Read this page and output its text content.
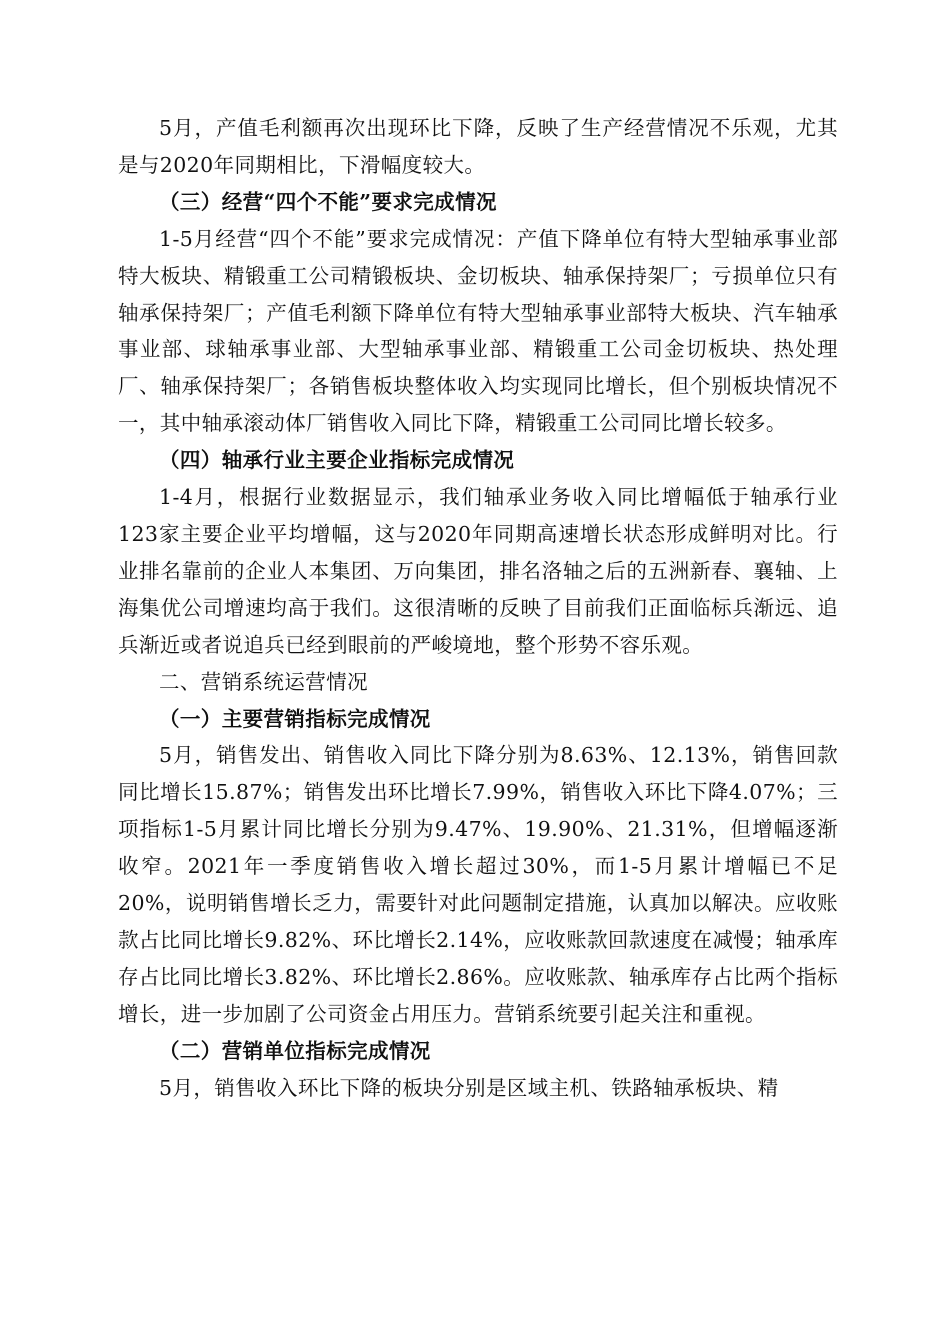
5月，产值毛利额再次出现环比下降，反映了生产经营情况不乐观，尤其是与2020年同期相比，下滑幅度较大。

（三）经营“四个不能”要求完成情况

1-5月经营“四个不能”要求完成情况：产值下降单位有特大型轴承事业部特大板块、精锻重工公司精锻板块、金切板块、轴承保持架厂；亏损单位只有轴承保持架厂；产值毛利额下降单位有特大型轴承事业部特大板块、汽车轴承事业部、球轴承事业部、大型轴承事业部、精锻重工公司金切板块、热处理厂、轴承保持架厂；各销售板块整体收入均实现同比增长，但个别板块情况不一，其中轴承滚动体厂销售收入同比下降，精锻重工公司同比增长较多。

（四）轴承行业主要企业指标完成情况

1-4月，根据行业数据显示，我们轴承业务收入同比增幅低于轴承行业123家主要企业平均增幅，这与2020年同期高速增长状态形成鲜明对比。行业排名靠前的企业人本集团、万向集团，排名洛轴之后的五洲新春、襄轴、上海集优公司增速均高于我们。这很清晰的反映了目前我们正面临标兵渐远、追兵渐近或者说追兵已经到眼前的严峻境地，整个形势不容乐观。

二、营销系统运营情况

（一）主要营销指标完成情况

5月，销售发出、销售收入同比下降分别为8.63%、12.13%，销售回款同比增长15.87%；销售发出环比增长7.99%，销售收入环比下降4.07%；三项指标1-5月累计同比增长分别为9.47%、19.90%、21.31%，但增幅逐渐收窄。2021年一季度销售收入增长超过30%，而1-5月累计增幅已不足20%，说明销售增长乏力，需要针对此问题制定措施，认真加以解决。应收账款占比同比增长9.82%、环比增长2.14%，应收账款回款速度在减慢；轴承库存占比同比增长3.82%、环比增长2.86%。应收账款、轴承库存占比两个指标增长，进一步加剧了公司资金占用压力。营销系统要引起关注和重视。

（二）营销单位指标完成情况

5月，销售收入环比下降的板块分别是区域主机、铁路轴承板块、精
